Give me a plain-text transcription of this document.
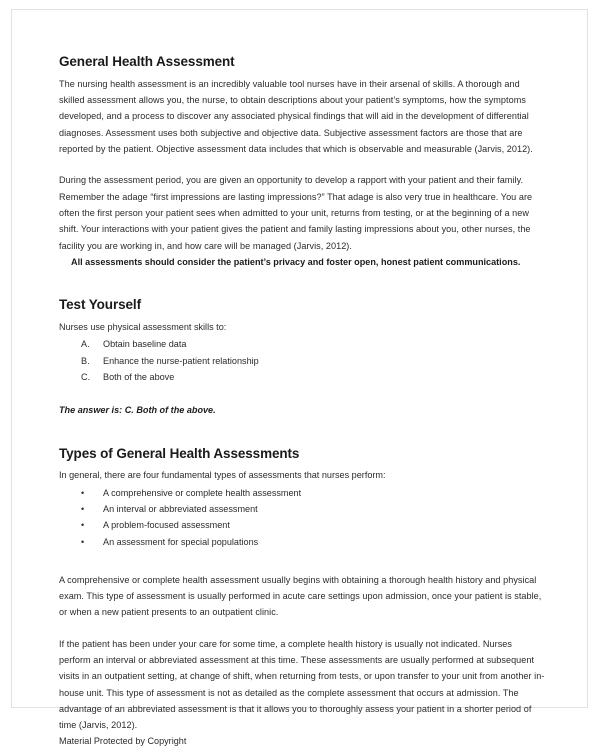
General Health Assessment

The nursing health assessment is an incredibly valuable tool nurses have in their arsenal of skills. A thorough and skilled assessment allows you, the nurse, to obtain descriptions about your patient’s symptoms, how the symptoms developed, and a process to discover any associated physical findings that will aid in the development of differential diagnoses. Assessment uses both subjective and objective data. Subjective assessment factors are those that are reported by the patient. Objective assessment data includes that which is observable and measurable (Jarvis, 2012).

During the assessment period, you are given an opportunity to develop a rapport with your patient and their family. Remember the adage “first impressions are lasting impressions?” That adage is also very true in healthcare. You are often the first person your patient sees when admitted to your unit, returns from testing, or at the beginning of a new shift. Your interactions with your patient gives the patient and family lasting impressions about you, other nurses, the facility you are working in, and how care will be managed (Jarvis, 2012).

All assessments should consider the patient’s privacy and foster open, honest patient communications.

Test Yourself

Nurses use physical assessment skills to:

A. Obtain baseline data
B. Enhance the nurse-patient relationship
C. Both of the above

The answer is: C. Both of the above.

Types of General Health Assessments

In general, there are four fundamental types of assessments that nurses perform:

• A comprehensive or complete health assessment
• An interval or abbreviated assessment
• A problem-focused assessment
• An assessment for special populations

A comprehensive or complete health assessment usually begins with obtaining a thorough health history and physical exam. This type of assessment is usually performed in acute care settings upon admission, once your patient is stable, or when a new patient presents to an outpatient clinic.

If the patient has been under your care for some time, a complete health history is usually not indicated. Nurses perform an interval or abbreviated assessment at this time. These assessments are usually performed at subsequent visits in an outpatient setting, at change of shift, when returning from tests, or upon transfer to your unit from another in-house unit. This type of assessment is not as detailed as the complete assessment that occurs at admission. The advantage of an abbreviated assessment is that it allows you to thoroughly assess your patient in a shorter period of time (Jarvis, 2012).

Material Protected by Copyright
